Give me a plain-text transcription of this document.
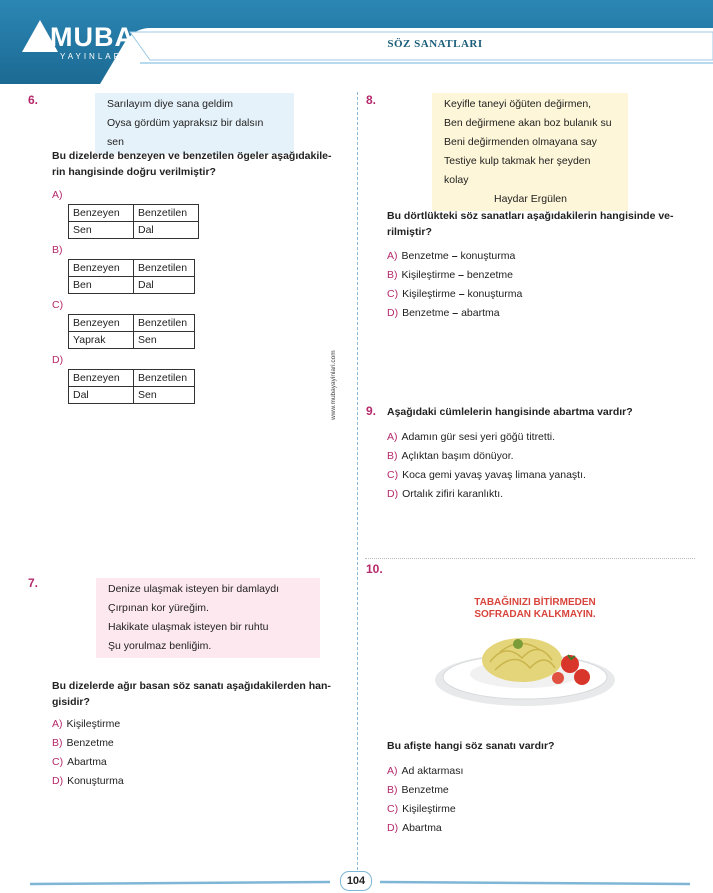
MUBA
YAYINLARI
SÖZ SANATLARI
www.mubayayinlari.com
6.	Sarılayım diye sana geldim
Oysa gördüm yapraksız bir dalsın sen
Bu dizelerde benzeyen ve benzetilen ögeler aşağıdakile-
rin hangisinde doğru verilmiştir?
A)
Benzeyen	Benzetilen
Sen	Dal
B)
Benzeyen	Benzetilen
Ben	Dal
C)
Benzeyen	Benzetilen
Yaprak	Sen
D)
Benzeyen	Benzetilen
Dal	Sen
7.	Denize ulaşmak isteyen bir damlaydı
Çırpınan kor yüreğim.
Hakikate ulaşmak isteyen bir ruhtu
Şu yorulmaz benliğim.
Bu dizelerde ağır basan söz sanatı aşağıdakilerden han-
gisidir?
A) Kişileştirme
B) Benzetme
C) Abartma
D) Konuşturma
8.	Keyifle taneyi öğüten değirmen,
Ben değirmene akan boz bulanık su
Beni değirmenden olmayana say
Testiye kulp takmak her şeyden kolay
Haydar Ergülen
Bu dörtlükteki söz sanatları aşağıdakilerin hangisinde ve-
rilmiştir?
A) Benzetme – konuşturma
B) Kişileştirme – benzetme
C) Kişileştirme – konuşturma
D) Benzetme – abartma
9. Aşağıdaki cümlelerin hangisinde abartma vardır?
A) Adamın gür sesi yeri göğü titretti.
B) Açlıktan başım dönüyor.
C) Koca gemi yavaş yavaş limana yanaştı.
D) Ortalık zifiri karanlıktı.
10.
TABAĞINIZI BİTİRMEDEN
SOFRADAN KALKMAYIN.
Bu afişte hangi söz sanatı vardır?
A) Ad aktarması
B) Benzetme
C) Kişileştirme
D) Abartma
104
